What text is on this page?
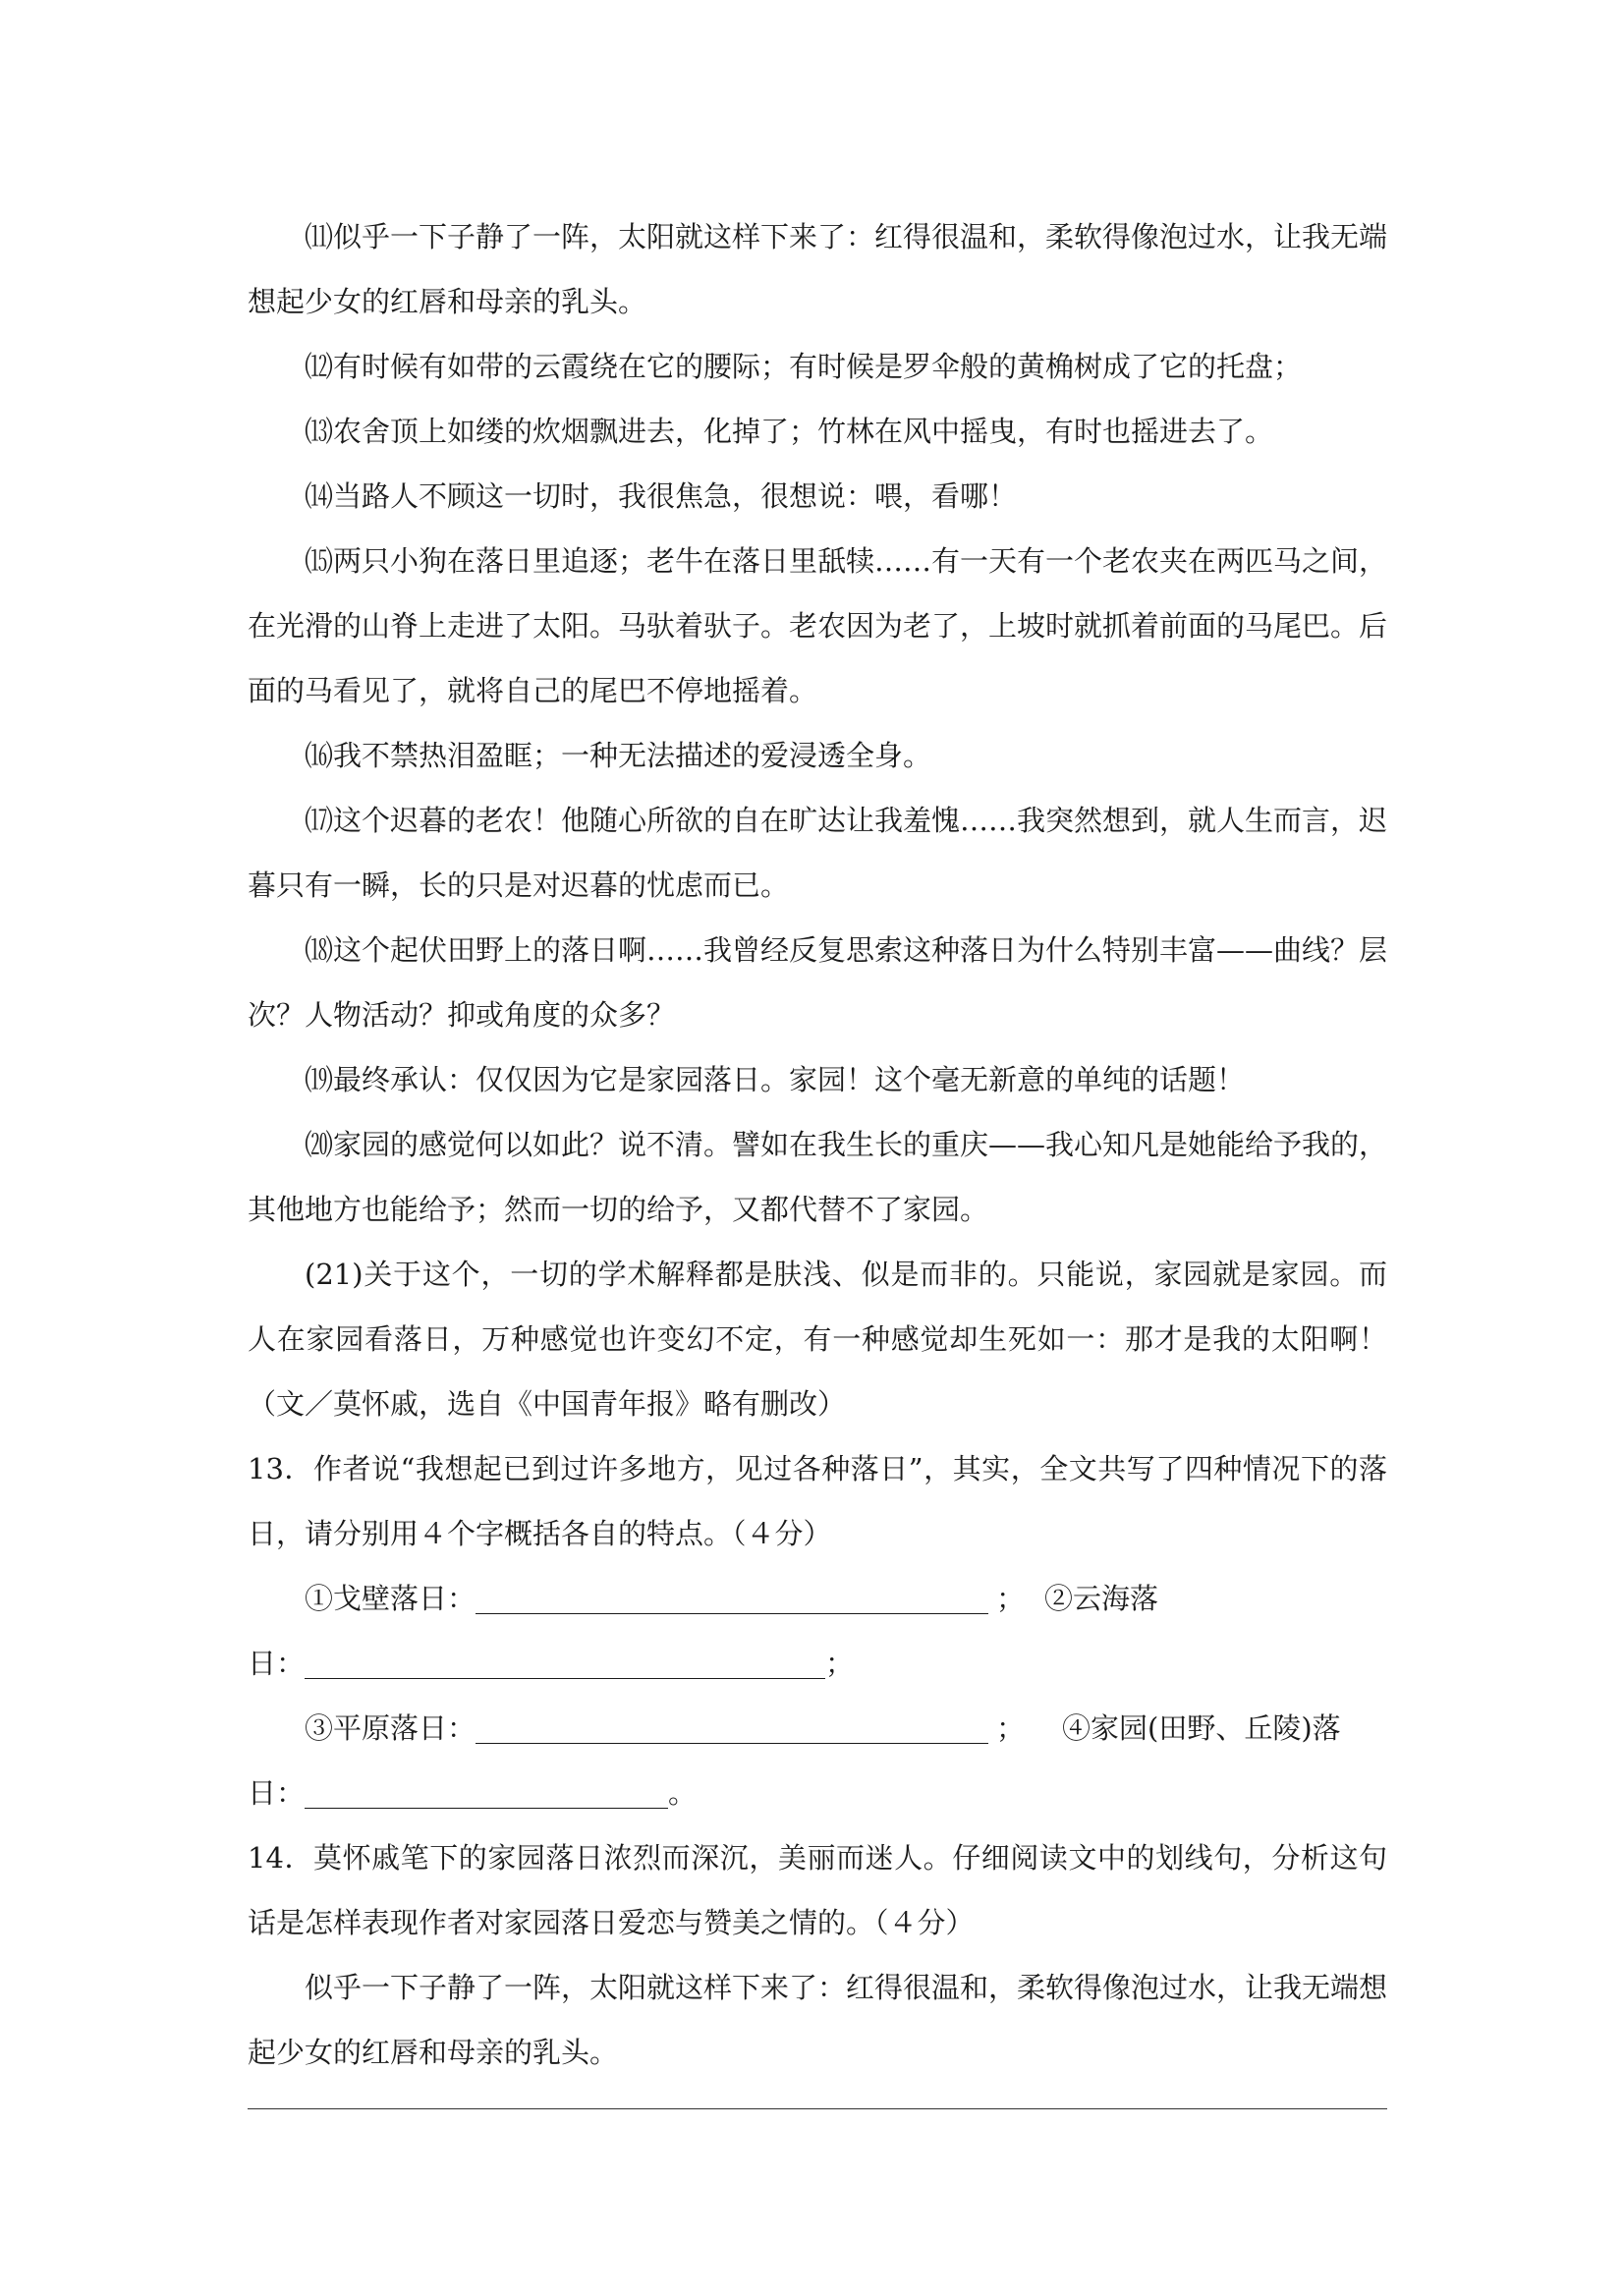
⑾似乎一下子静了一阵，太阳就这样下来了：红得很温和，柔软得像泡过水，让我无端想起少女的红唇和母亲的乳头。

⑿有时候有如带的云霞绕在它的腰际；有时候是罗伞般的黄桷树成了它的托盘；

⒀农舍顶上如缕的炊烟飘进去，化掉了；竹林在风中摇曳，有时也摇进去了。

⒁当路人不顾这一切时，我很焦急，很想说：喂，看哪！

⒂两只小狗在落日里追逐；老牛在落日里舐犊……有一天有一个老农夹在两匹马之间，在光滑的山脊上走进了太阳。马驮着驮子。老农因为老了，上坡时就抓着前面的马尾巴。后面的马看见了，就将自己的尾巴不停地摇着。

⒃我不禁热泪盈眶；一种无法描述的爱浸透全身。

⒄这个迟暮的老农！他随心所欲的自在旷达让我羞愧……我突然想到，就人生而言，迟暮只有一瞬，长的只是对迟暮的忧虑而已。

⒅这个起伏田野上的落日啊……我曾经反复思索这种落日为什么特别丰富——曲线？层次？人物活动？抑或角度的众多？

⒆最终承认：仅仅因为它是家园落日。家园！这个毫无新意的单纯的话题！

⒇家园的感觉何以如此？说不清。譬如在我生长的重庆——我心知凡是她能给予我的，其他地方也能给予；然而一切的给予，又都代替不了家园。

(21)关于这个，一切的学术解释都是肤浅、似是而非的。只能说，家园就是家园。而人在家园看落日，万种感觉也许变幻不定，有一种感觉却生死如一：那才是我的太阳啊！（文／莫怀戚，选自《中国青年报》略有删改）

13．作者说“我想起已到过许多地方，见过各种落日”，其实，全文共写了四种情况下的落日，请分别用４个字概括各自的特点。（４分）

①戈壁落日：	； ②云海落
日：	；
③平原落日：	； ④家园(田野、丘陵)落
日：	。

14．莫怀戚笔下的家园落日浓烈而深沉，美丽而迷人。仔细阅读文中的划线句，分析这句话是怎样表现作者对家园落日爱恋与赞美之情的。（４分）

似乎一下子静了一阵，太阳就这样下来了：红得很温和，柔软得像泡过水，让我无端想起少女的红唇和母亲的乳头。
